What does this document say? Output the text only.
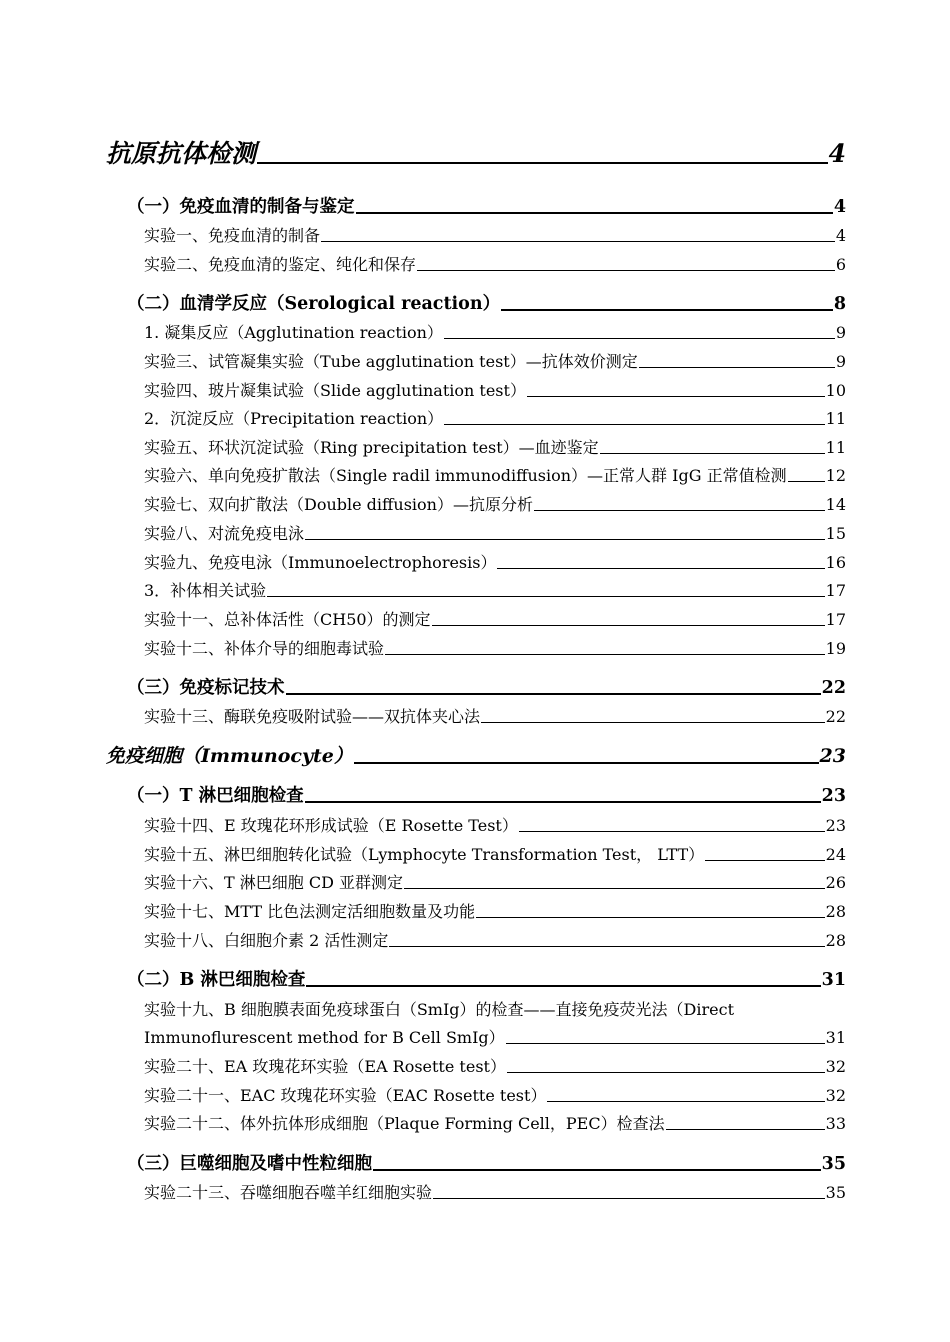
抗原抗体检测	4
（一）免疫血清的制备与鉴定	4
实验一、免疫血清的制备	4
实验二、免疫血清的鉴定、纯化和保存	6
（二）血清学反应（Serological reaction）	8
1. 凝集反应（Agglutination reaction）	9
实验三、试管凝集实验（Tube agglutination test）—抗体效价测定	9
实验四、玻片凝集试验（Slide agglutination test）	10
2．沉淀反应（Precipitation reaction）	11
实验五、环状沉淀试验（Ring precipitation test）—血迹鉴定	11
实验六、单向免疫扩散法（Single radil immunodiffusion）—正常人群 IgG 正常值检测 12
实验七、双向扩散法（Double diffusion）—抗原分析	14
实验八、对流免疫电泳	15
实验九、免疫电泳（Immunoelectrophoresis）	16
3．补体相关试验	17
实验十一、总补体活性（CH50）的测定	17
实验十二、补体介导的细胞毒试验	19
（三）免疫标记技术	22
实验十三、酶联免疫吸附试验——双抗体夹心法	22
免疫细胞（Immunocyte）	23
（一）T 淋巴细胞检查	23
实验十四、E 玫瑰花环形成试验（E Rosette Test）	23
实验十五、淋巴细胞转化试验（Lymphocyte Transformation Test， LTT）	24
实验十六、T 淋巴细胞 CD 亚群测定	26
实验十七、MTT 比色法测定活细胞数量及功能	28
实验十八、白细胞介素 2 活性测定	28
（二）B 淋巴细胞检查	31
实验十九、B 细胞膜表面免疫球蛋白（SmIg）的检查——直接免疫荧光法（Direct
Immunoflurescent method for B Cell SmIg）	31
实验二十、EA 玫瑰花环实验（EA Rosette test）	32
实验二十一、EAC 玫瑰花环实验（EAC Rosette test）	32
实验二十二、体外抗体形成细胞（Plaque Forming Cell，PEC）检查法	33
（三）巨噬细胞及嗜中性粒细胞	35
实验二十三、吞噬细胞吞噬羊红细胞实验	35
